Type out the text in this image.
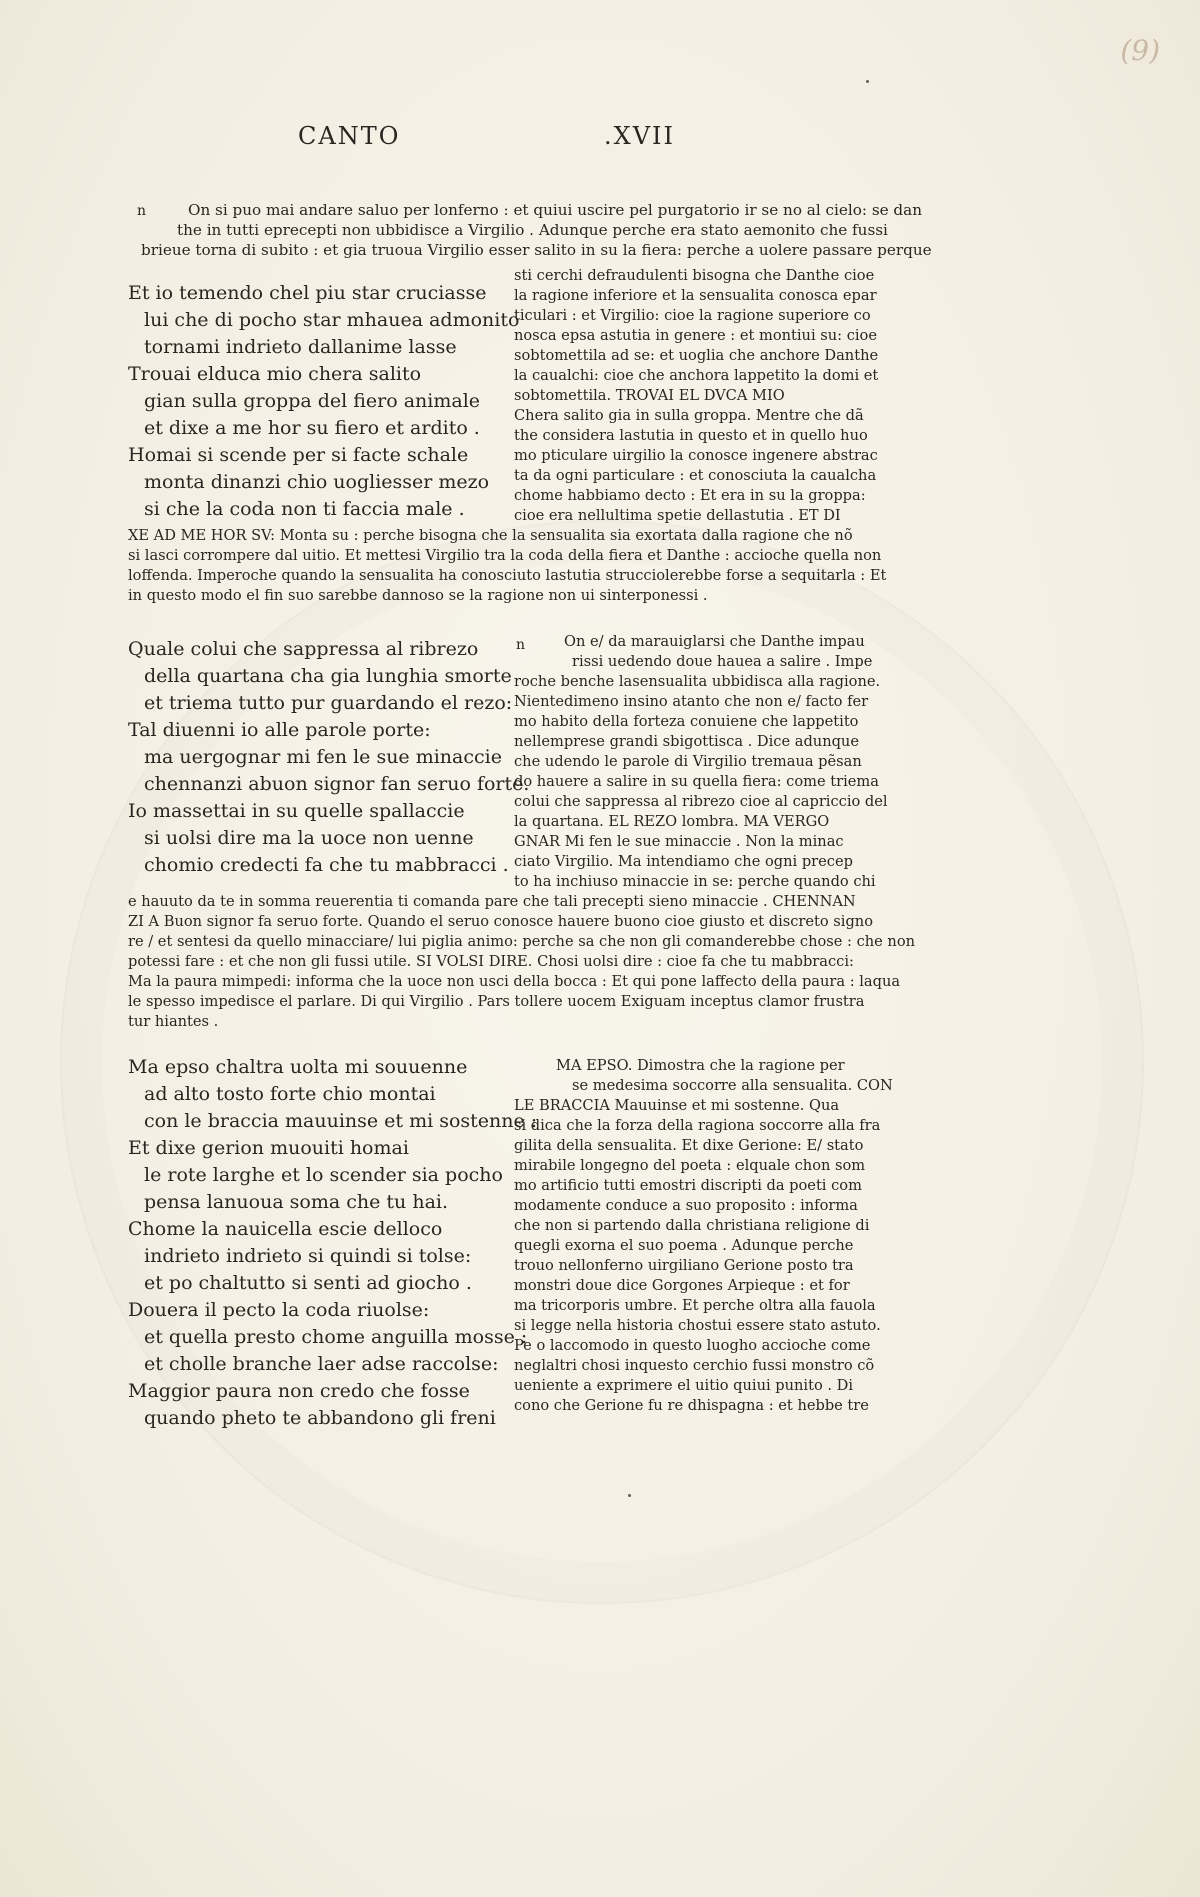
(9)
CANTO	.XVII
n	On si puo mai andare saluo per lonferno : et quiui uscire pel purgatorio ir se no al cielo: se dan
the in tutti eprecepti non ubbidisce a Virgilio . Adunque perche era stato aemonito che fussi
brieue torna di subito : et gia truoua Virgilio esser salito in su la fiera: perche a uolere passare perque
Et io temendo chel piu star cruciasse
lui che di pocho star mhauea admonito
tornami indrieto dallanime lasse
Trouai elduca mio chera salito
gian sulla groppa del fiero animale
et dixe a me hor su fiero et ardito .
Homai si scende per si facte schale
monta dinanzi chio uogliesser mezo
si che la coda non ti faccia male .
sti cerchi defraudulenti bisogna che Danthe cioe
la ragione inferiore et la sensualita conosca epar
ticulari : et Virgilio: cioe la ragione superiore co
nosca epsa astutia in genere : et montiui su: cioe
sobtomettila ad se: et uoglia che anchore Danthe
la caualchi: cioe che anchora lappetito la domi et
sobtomettila. TROVAI EL DVCA MIO
Chera salito gia in sulla groppa. Mentre che dã
the considera lastutia in questo et in quello huo
mo pticulare uirgilio la conosce ingenere abstrac
ta da ogni particulare : et conosciuta la caualcha
chome habbiamo decto : Et era in su la groppa:
cioe era nellultima spetie dellastutia . ET DI
XE AD ME HOR SV: Monta su : perche bisogna che la sensualita sia exortata dalla ragione che nõ
si lasci corrompere dal uitio. Et mettesi Virgilio tra la coda della fiera et Danthe : accioche quella non
loffenda. Imperoche quando la sensualita ha conosciuto lastutia strucciolerebbe forse a sequitarla : Et
in questo modo el fin suo sarebbe dannoso se la ragione non ui sinterponessi .
Quale colui che sappressa al ribrezo
della quartana cha gia lunghia smorte
et triema tutto pur guardando el rezo:
Tal diuenni io alle parole porte:
ma uergognar mi fen le sue minaccie
chennanzi abuon signor fan seruo forte.
Io massettai in su quelle spallaccie
si uolsi dire ma la uoce non uenne
chomio credecti fa che tu mabbracci .
n	On e/ da marauiglarsi che Danthe impau
rissi uedendo doue hauea a salire . Impe
roche benche lasensualita ubbidisca alla ragione.
Nientedimeno insino atanto che non e/ facto fer
mo habito della forteza conuiene che lappetito
nellemprese grandi sbigottisca . Dice adunque
che udendo le parole di Virgilio tremaua pẽsan
do hauere a salire in su quella fiera: come triema
colui che sappressa al ribrezo cioe al capriccio del
la quartana. EL REZO lombra. MA VERGO
GNAR Mi fen le sue minaccie . Non la minac
ciato Virgilio. Ma intendiamo che ogni precep
to ha inchiuso minaccie in se: perche quando chi
e hauuto da te in somma reuerentia ti comanda pare che tali precepti sieno minaccie . CHENNAN
ZI A Buon signor fa seruo forte. Quando el seruo conosce hauere buono cioe giusto et discreto signo
re / et sentesi da quello minacciare/ lui piglia animo: perche sa che non gli comanderebbe chose : che non
potessi fare : et che non gli fussi utile. SI VOLSI DIRE. Chosi uolsi dire : cioe fa che tu mabbracci:
Ma la paura mimpedi: informa che la uoce non usci della bocca : Et qui pone laffecto della paura : laqua
le spesso impedisce el parlare. Di qui Virgilio . Pars tollere uocem Exiguam inceptus clamor frustra
tur hiantes .
Ma epso chaltra uolta mi souuenne
ad alto tosto forte chio montai
con le braccia mauuinse et mi sostenne :
Et dixe gerion muouiti homai
le rote larghe et lo scender sia pocho
pensa lanuoua soma che tu hai.
Chome la nauicella escie delloco
indrieto indrieto si quindi si tolse:
et po chaltutto si senti ad giocho .
Douera il pecto la coda riuolse:
et quella presto chome anguilla mosse :
et cholle branche laer adse raccolse:
Maggior paura non credo che fosse
quando pheto te abbandono gli freni
MA EPSO. Dimostra che la ragione per
se medesima soccorre alla sensualita. CON
LE BRACCIA Mauuinse et mi sostenne. Qua
si dica che la forza della ragiona soccorre alla fra
gilita della sensualita. Et dixe Gerione: E/ stato
mirabile longegno del poeta : elquale chon som
mo artificio tutti emostri discripti da poeti com
modamente conduce a suo proposito : informa
che non si partendo dalla christiana religione di
quegli exorna el suo poema . Adunque perche
trouo nellonferno uirgiliano Gerione posto tra
monstri doue dice Gorgones Arpieque : et for
ma tricorporis umbre. Et perche oltra alla fauola
si legge nella historia chostui essere stato astuto.
Pe o laccomodo in questo luogho accioche come
neglaltri chosi inquesto cerchio fussi monstro cõ
ueniente a exprimere el uitio quiui punito . Di
cono che Gerione fu re dhispagna : et hebbe tre
